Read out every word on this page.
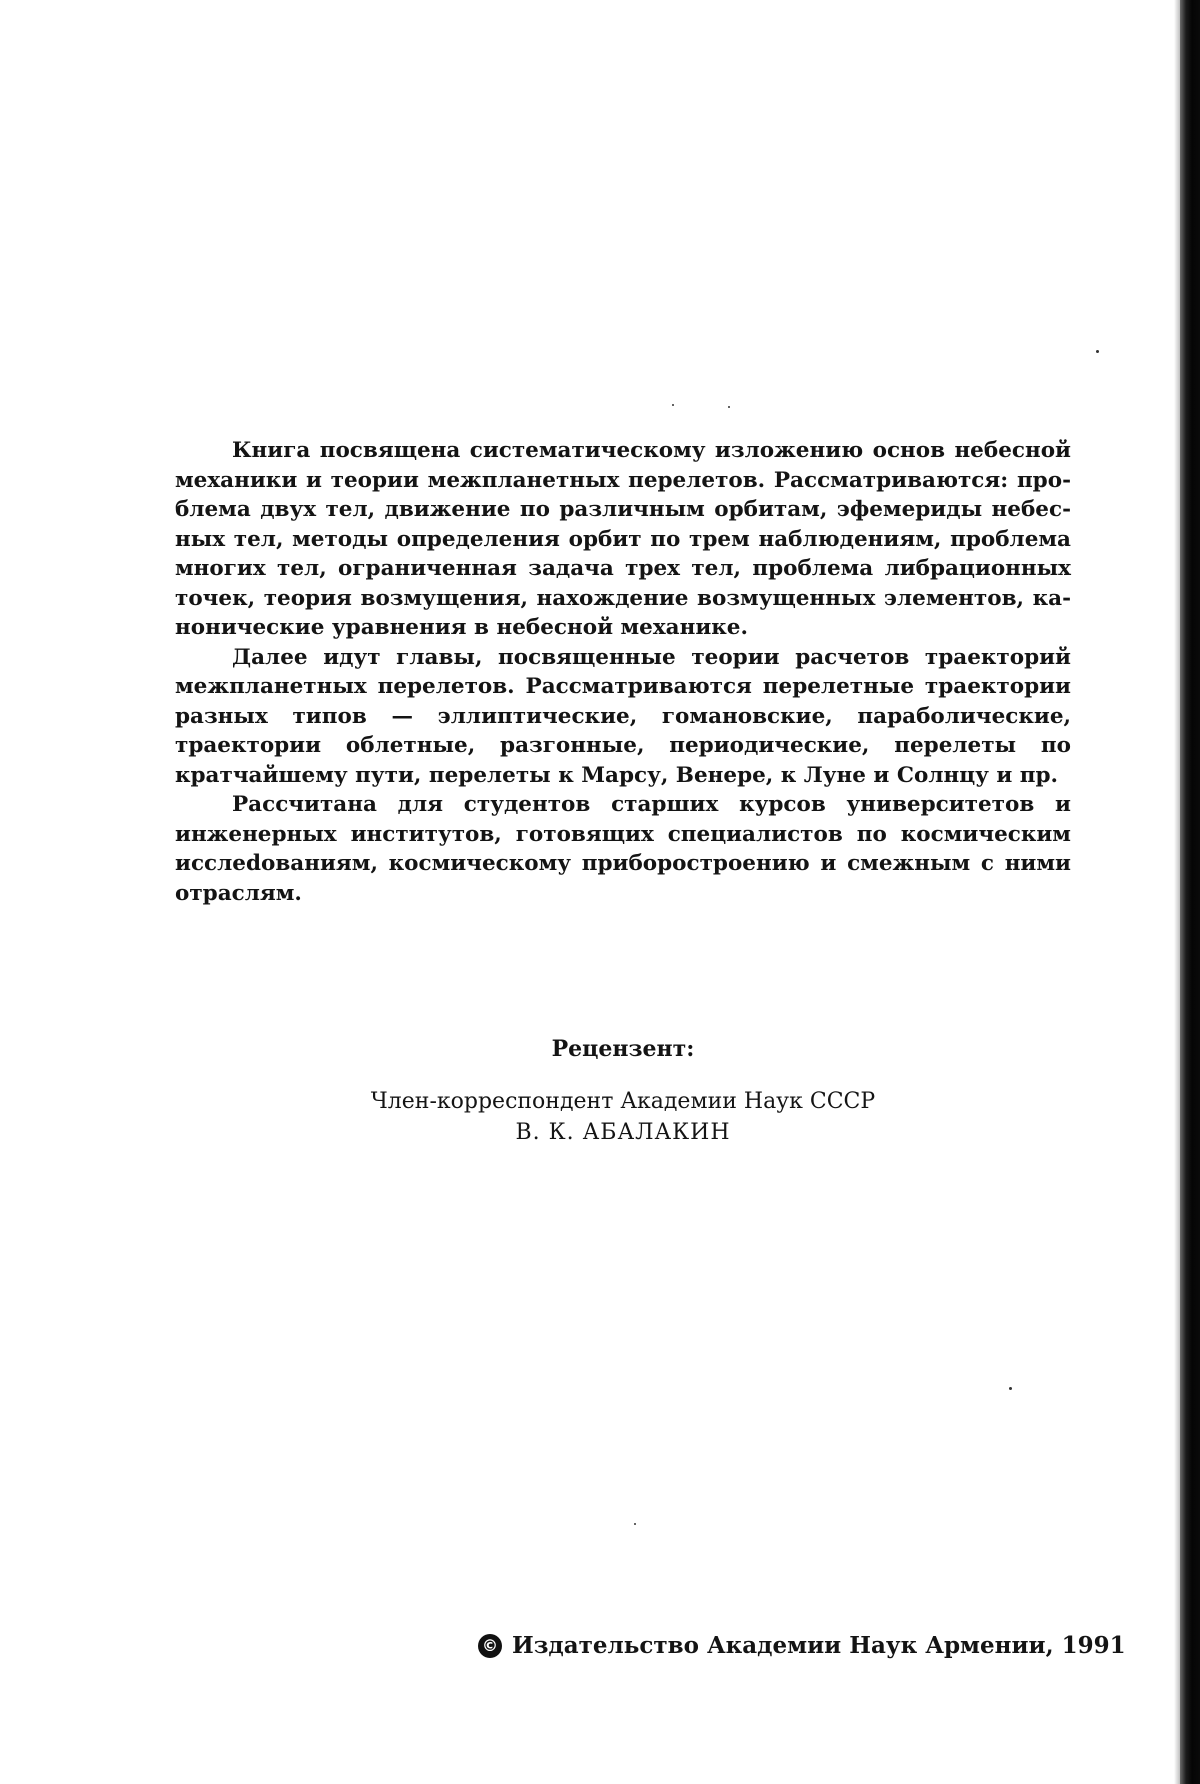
Книга посвящена систематическому изложению основ небесной механики и теории межпланетных перелетов. Рассматриваются: проблема двух тел, движение по различным орбитам, эфемериды небесных тел, методы определения орбит по трем наблюдениям, проблема многих тел, ограниченная задача трех тел, проблема либрационных точек, теория возмущения, нахождение возмущенных элементов, канонические уравнения в небесной механике.

Далее идут главы, посвященные теории расчетов траекторий межпланетных перелетов. Рассматриваются перелетные траектории разных типов — эллиптические, гомановские, параболические, траектории облетные, разгонные, периодические, перелеты по кратчайшему пути, перелеты к Марсу, Венере, к Луне и Солнцу и пр.

Рассчитана для студентов старших курсов университетов и инженерных институтов, готовящих специалистов по космическим исслеdованиям, космическому приборостроению и смежным с ними отраслям.

Рецензент:
Член-корреспондент Академии Наук СССР
В. К. АБАЛАКИН
© Издательство Академии Наук Армении, 1991
